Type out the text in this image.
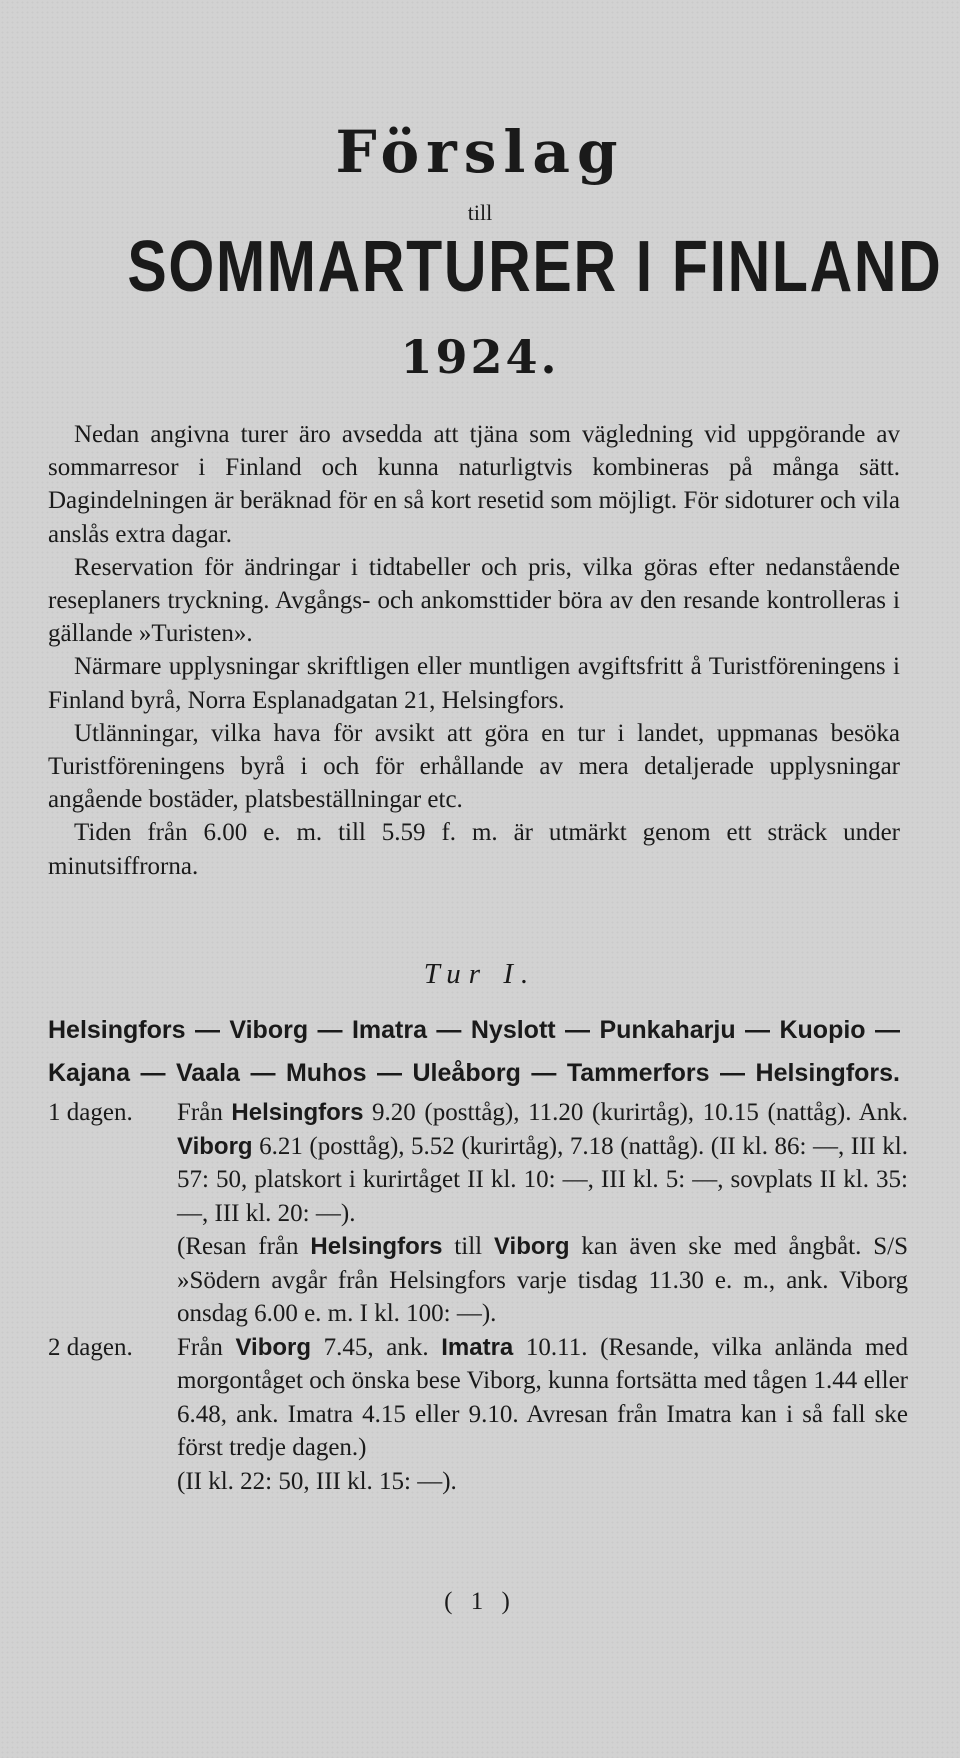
Förslag
till
SOMMARTURER I FINLAND
1924.

Nedan angivna turer äro avsedda att tjäna som vägledning vid uppgörande av sommarresor i Finland och kunna naturligtvis kombineras på många sätt. Dagindelningen är beräknad för en så kort resetid som möjligt. För sidoturer och vila anslås extra dagar.

Reservation för ändringar i tidtabeller och pris, vilka göras efter nedanstående reseplaners tryckning. Avgångs- och ankomsttider böra av den resande kontrolleras i gällande »Turisten».

Närmare upplysningar skriftligen eller muntligen avgiftsfritt å Turistföreningens i Finland byrå, Norra Esplanadgatan 21, Helsingfors.

Utlänningar, vilka hava för avsikt att göra en tur i landet, uppmanas besöka Turistföreningens byrå i och för erhållande av mera detaljerade upplysningar angående bostäder, platsbeställningar etc.

Tiden från 6.00 e. m. till 5.59 f. m. är utmärkt genom ett sträck under minutsiffrorna.

Tur I.
Helsingfors — Viborg — Imatra — Nyslott — Punkaharju — Kuopio —
Kajana — Vaala — Muhos — Uleåborg — Tammerfors — Helsingfors.
1 dagen.	Från Helsingfors 9.20 (posttåg), 11.20 (kurirtåg), 10.15 (nattåg). Ank. Viborg 6.21 (posttåg), 5.52 (kurirtåg), 7.18 (nattåg). (II kl. 86: —, III kl. 57: 50, platskort i kurirtåget II kl. 10: —, III kl. 5: —, sovplats II kl. 35: —, III kl. 20: —).

(Resan från Helsingfors till Viborg kan även ske med ångbåt. S/S »Södern avgår från Helsingfors varje tisdag 11.30 e. m., ank. Viborg onsdag 6.00 e. m. I kl. 100: —).

2 dagen.	Från Viborg 7.45, ank. Imatra 10.11. (Resande, vilka anlända med morgontåget och önska bese Viborg, kunna fortsätta med tågen 1.44 eller 6.48, ank. Imatra 4.15 eller 9.10. Avresan från Imatra kan i så fall ske först tredje dagen.)

(II kl. 22: 50, III kl. 15: —).

( 1 )
